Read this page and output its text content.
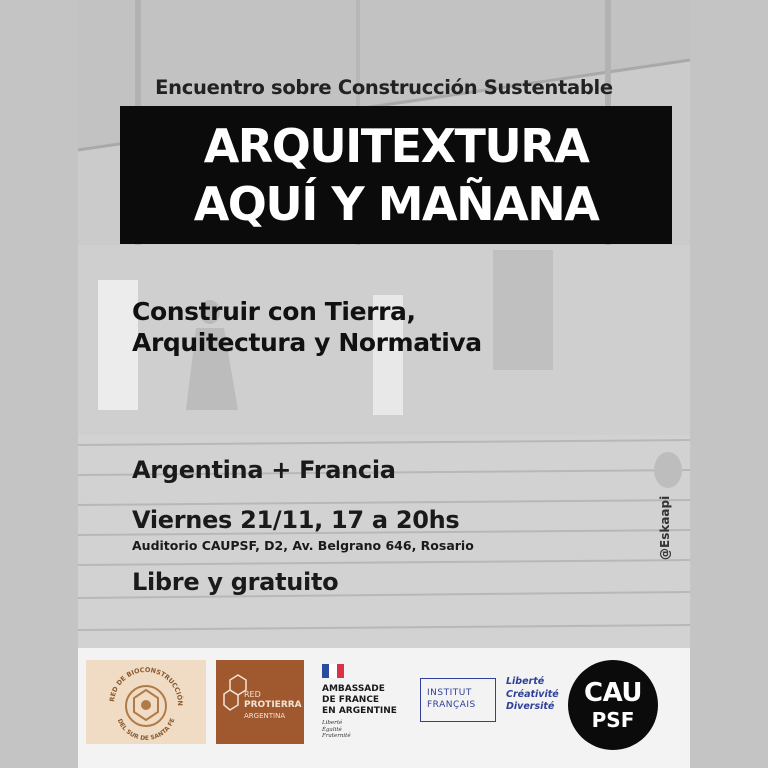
Encuentro sobre Construcción Sustentable
ARQUITEXTURA
AQUÍ Y MAÑANA
Construir con Tierra,
Arquitectura y Normativa
Argentina + Francia
Viernes 21/11, 17 a 20hs
Auditorio CAUPSF, D2, Av. Belgrano 646, Rosario
Libre y gratuito
@Eskaapi
RED DE BIOCONSTRUCCIÓN
DEL SUR DE SANTA FE
RED
PROTIERRA
ARGENTINA
AMBASSADE
DE FRANCE
EN ARGENTINE
Liberté
Égalité
Fraternité
INSTITUT
FRANÇAIS
Liberté
Créativité
Diversité	CAU
PSF
